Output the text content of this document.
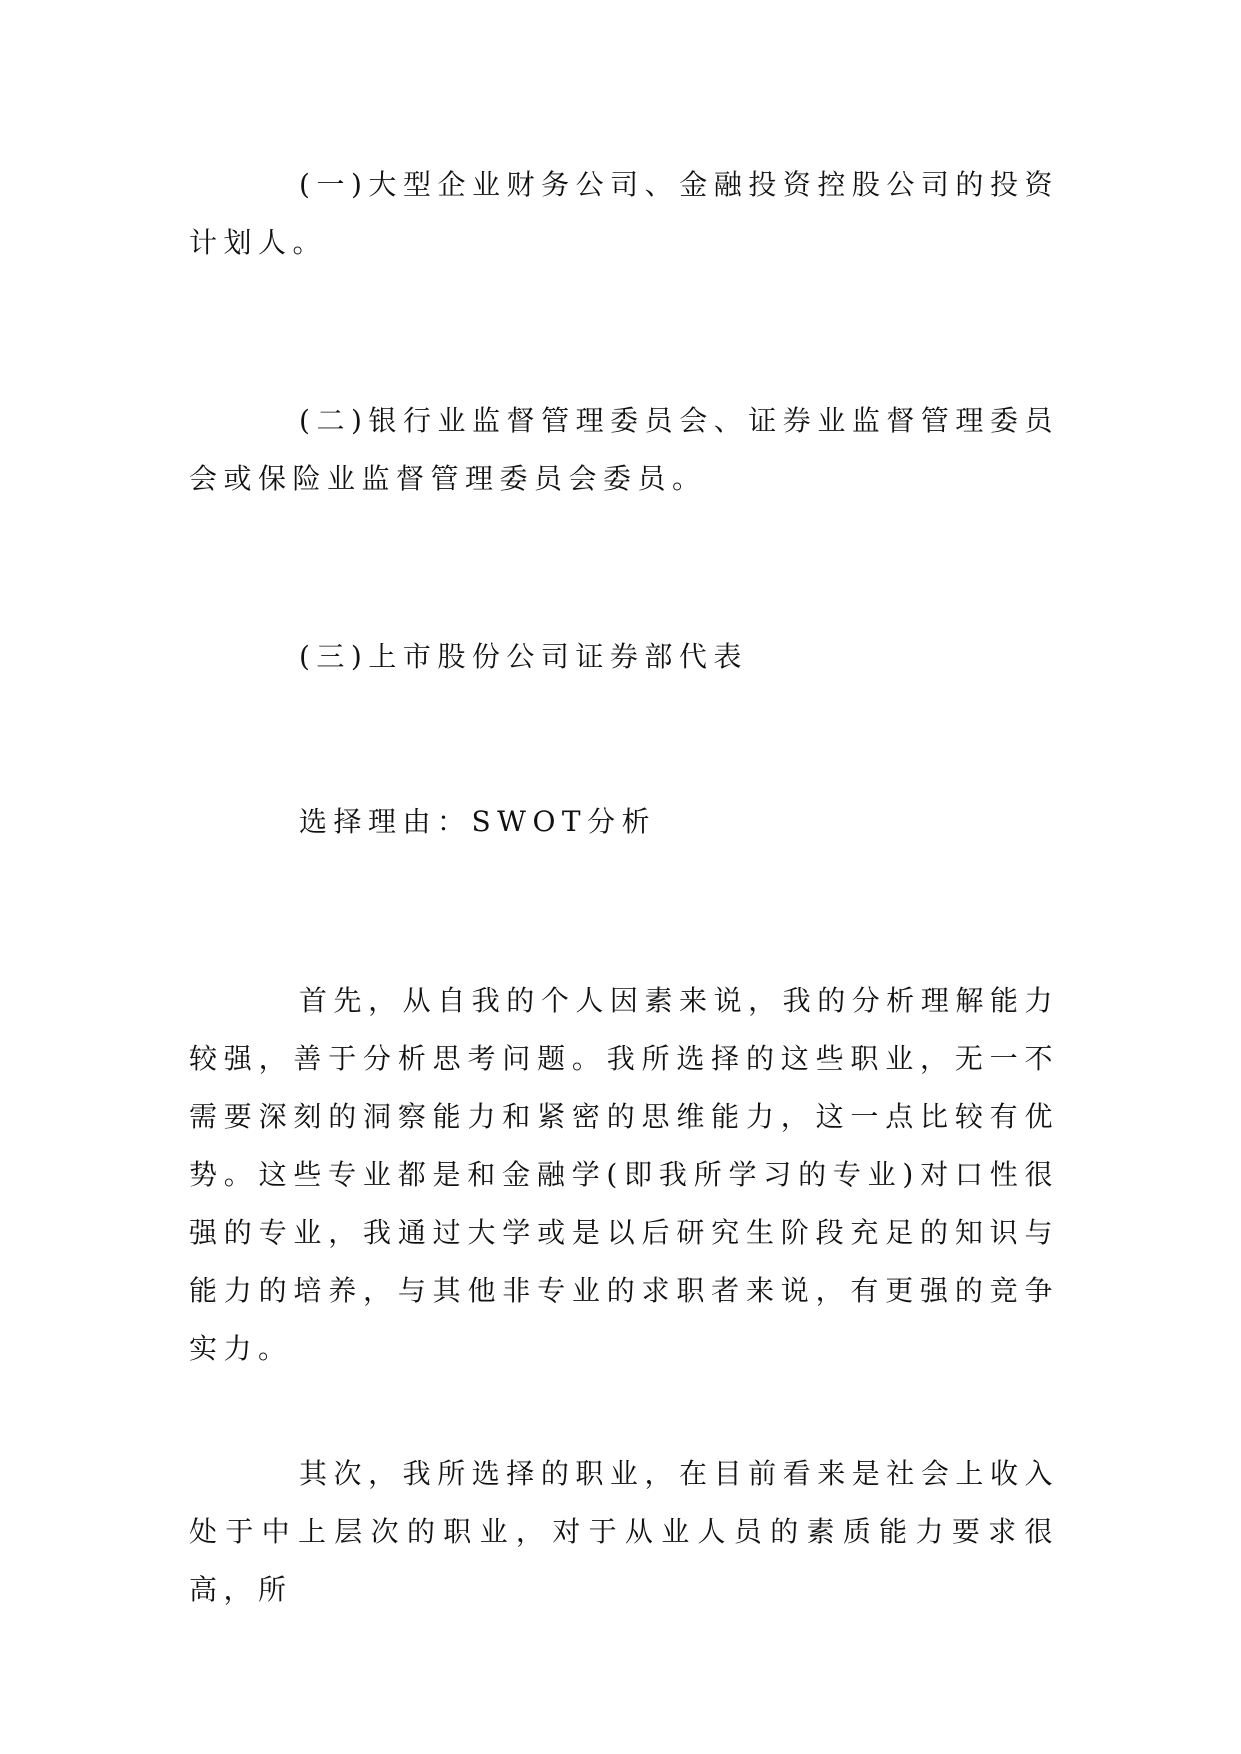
(一)大型企业财务公司、金融投资控股公司的投资计划人。

(二)银行业监督管理委员会、证券业监督管理委员会或保险业监督管理委员会委员。

(三)上市股份公司证券部代表

选择理由：SWOT分析

首先，从自我的个人因素来说，我的分析理解能力较强，善于分析思考问题。我所选择的这些职业，无一不需要深刻的洞察能力和紧密的思维能力，这一点比较有优势。这些专业都是和金融学(即我所学习的专业)对口性很强的专业，我通过大学或是以后研究生阶段充足的知识与能力的培养，与其他非专业的求职者来说，有更强的竞争实力。

其次，我所选择的职业，在目前看来是社会上收入处于中上层次的职业，对于从业人员的素质能力要求很高，所
